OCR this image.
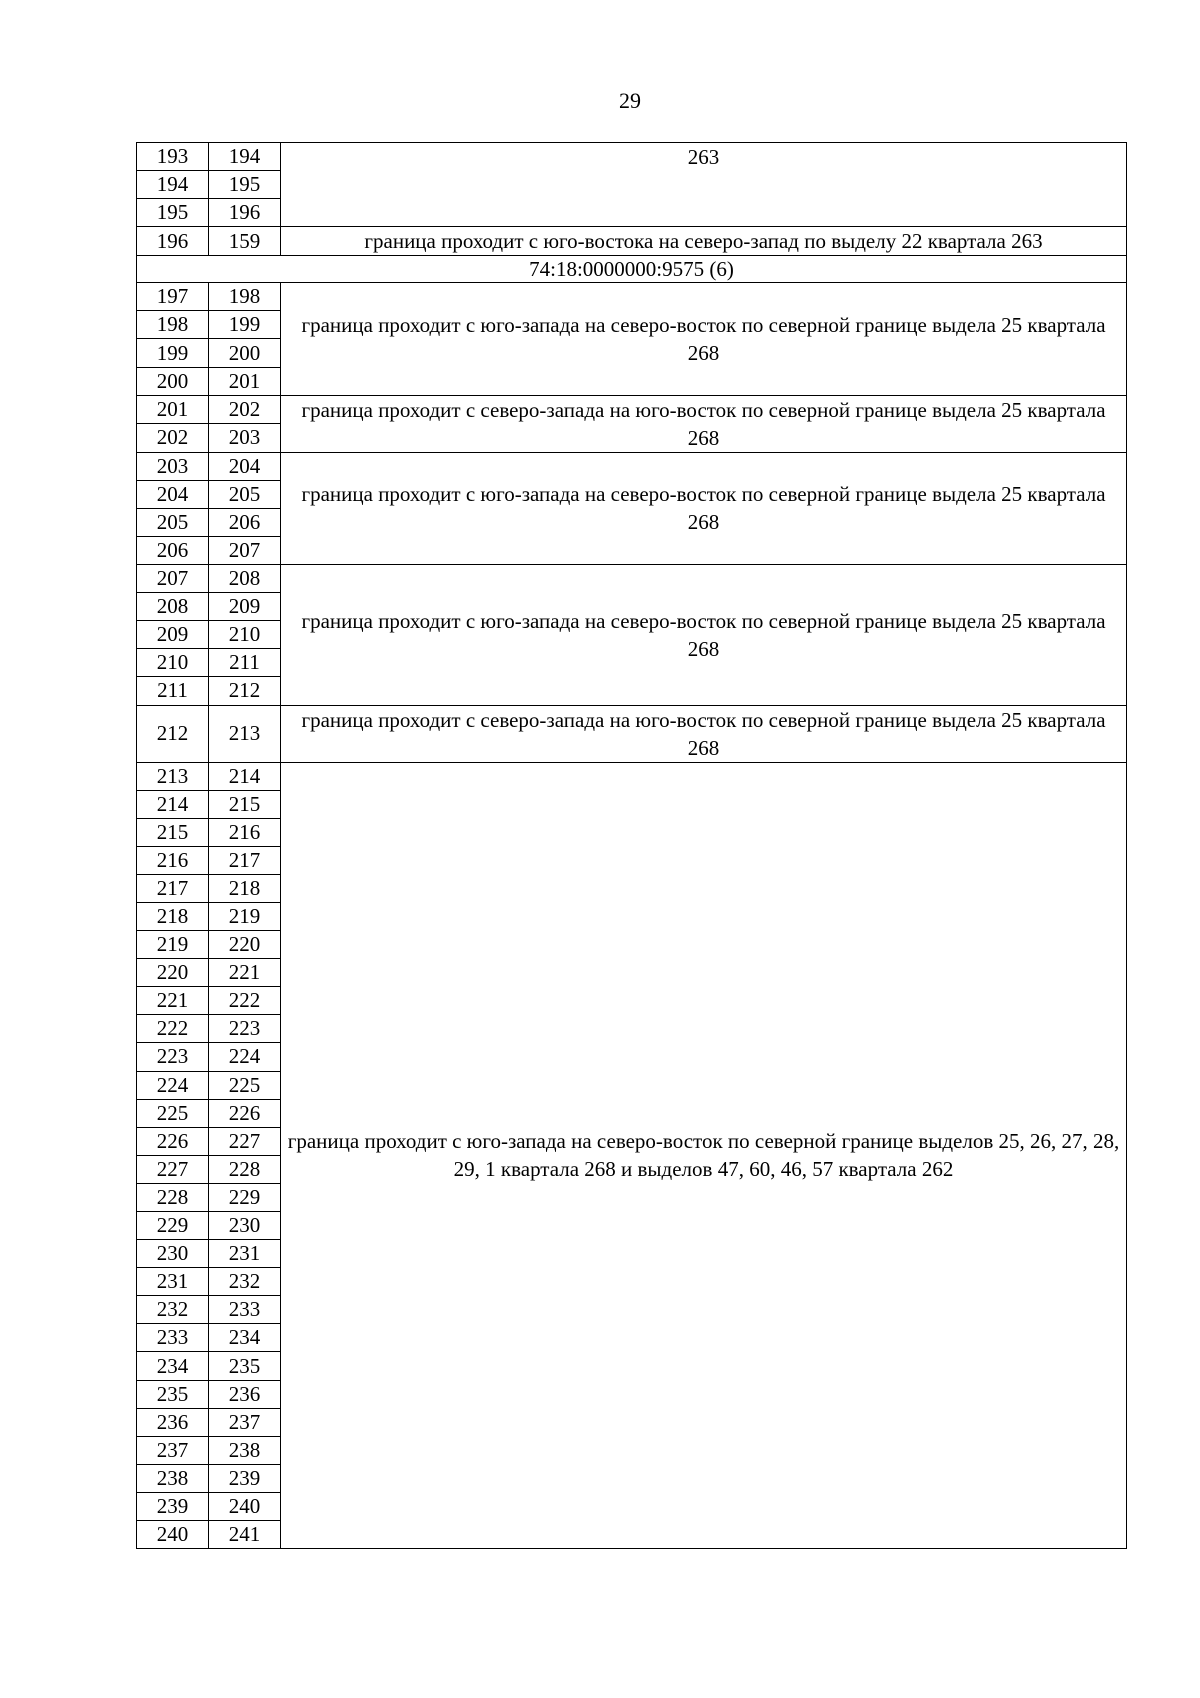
29
193	194	263
194	195	
195	196	
196	159	граница проходит с юго-востока на северо-запад по выделу 22 квартала 263
74:18:0000000:9575 (6)		
197	198	граница проходит с юго-запада на северо-восток по северной границе выдела 25 квартала 268
198	199	
199	200	
200	201	
201	202	граница проходит с северо-запада на юго-восток по северной границе выдела 25 квартала 268
202	203	
203	204	граница проходит с юго-запада на северо-восток по северной границе выдела 25 квартала 268
204	205	
205	206	
206	207	
207	208	граница проходит с юго-запада на северо-восток по северной границе выдела 25 квартала 268
208	209	
209	210	
210	211	
211	212	
212	213	граница проходит с северо-запада на юго-восток по северной границе выдела 25 квартала 268
213	214	граница проходит с юго-запада на северо-восток по северной границе выделов 25, 26, 27, 28, 29, 1 квартала 268 и выделов 47, 60, 46, 57 квартала 262
214	215	
215	216	
216	217	
217	218	
218	219	
219	220	
220	221	
221	222	
222	223	
223	224	
224	225	
225	226	
226	227	
227	228	
228	229	
229	230	
230	231	
231	232	
232	233	
233	234	
234	235	
235	236	
236	237	
237	238	
238	239	
239	240	
240	241	
